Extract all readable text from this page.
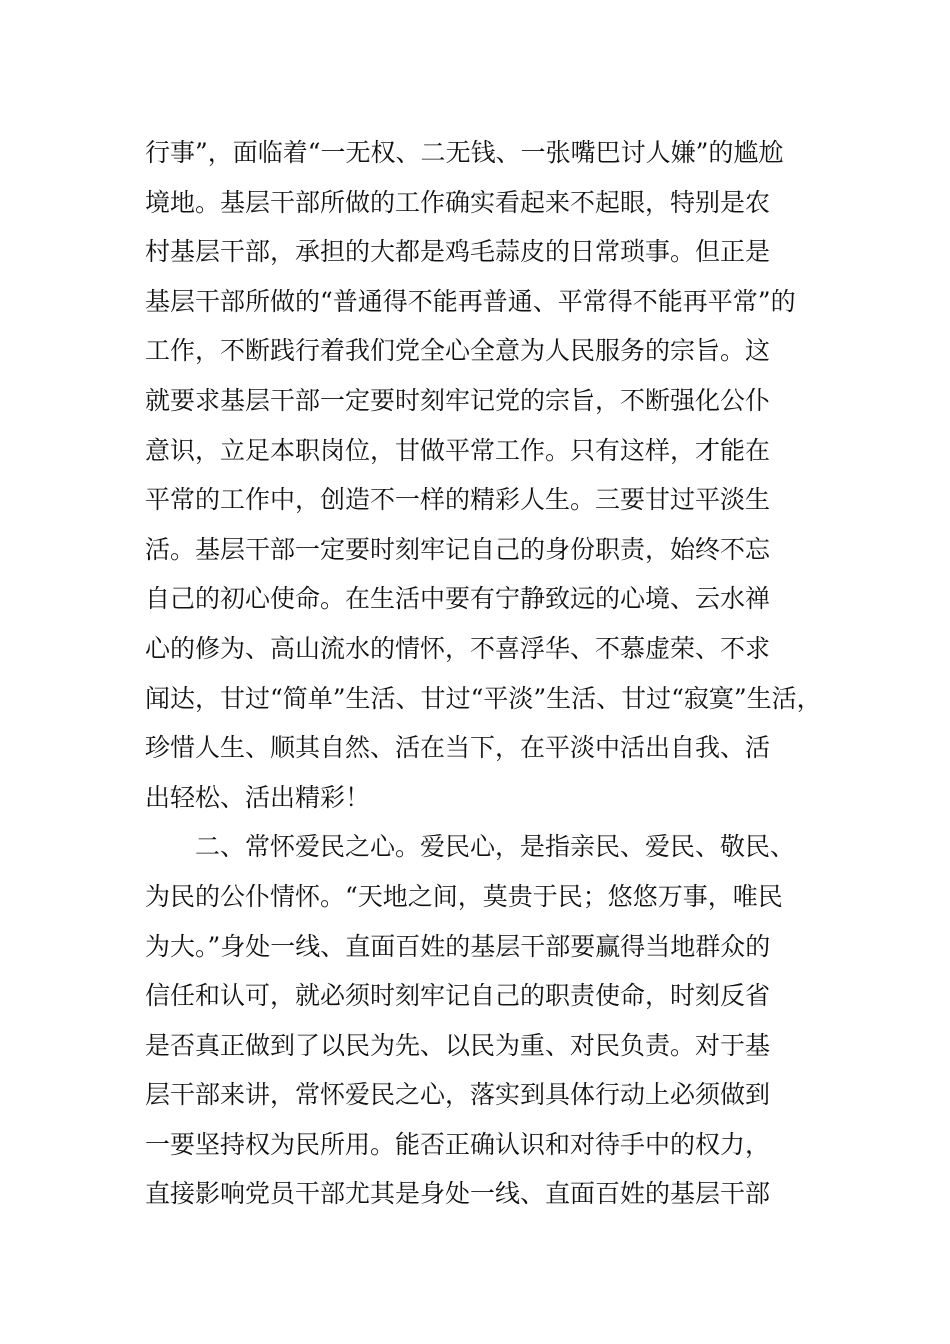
行事”，面临着“一无权、二无钱、一张嘴巴讨人嫌”的尴尬
境地。基层干部所做的工作确实看起来不起眼，特别是农
村基层干部，承担的大都是鸡毛蒜皮的日常琐事。但正是
基层干部所做的“普通得不能再普通、平常得不能再平常”的
工作，不断践行着我们党全心全意为人民服务的宗旨。这
就要求基层干部一定要时刻牢记党的宗旨，不断强化公仆
意识，立足本职岗位，甘做平常工作。只有这样，才能在
平常的工作中，创造不一样的精彩人生。三要甘过平淡生
活。基层干部一定要时刻牢记自己的身份职责，始终不忘
自己的初心使命。在生活中要有宁静致远的心境、云水禅
心的修为、高山流水的情怀，不喜浮华、不慕虚荣、不求
闻达，甘过“简单”生活、甘过“平淡”生活、甘过“寂寞”生活，
珍惜人生、顺其自然、活在当下，在平淡中活出自我、活
出轻松、活出精彩！
二、常怀爱民之心。爱民心，是指亲民、爱民、敬民、
为民的公仆情怀。“天地之间，莫贵于民；悠悠万事，唯民
为大。”身处一线、直面百姓的基层干部要赢得当地群众的
信任和认可，就必须时刻牢记自己的职责使命，时刻反省
是否真正做到了以民为先、以民为重、对民负责。对于基
层干部来讲，常怀爱民之心，落实到具体行动上必须做到
一要坚持权为民所用。能否正确认识和对待手中的权力，
直接影响党员干部尤其是身处一线、直面百姓的基层干部
